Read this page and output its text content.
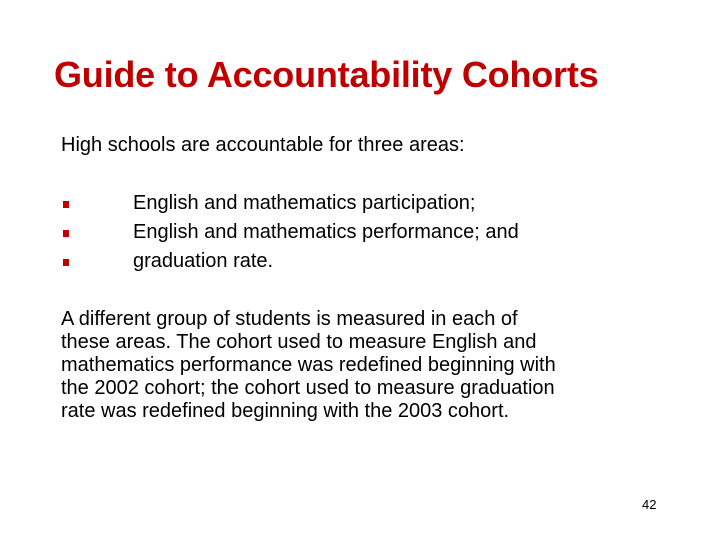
Guide to Accountability Cohorts
High schools are accountable for three areas:
English and mathematics participation;
English and mathematics performance; and
graduation rate.
A different group of students is measured in each of
these areas. The cohort used to measure English and
mathematics performance was redefined beginning with
the 2002 cohort; the cohort used to measure graduation
rate was redefined beginning with the 2003 cohort.
42
